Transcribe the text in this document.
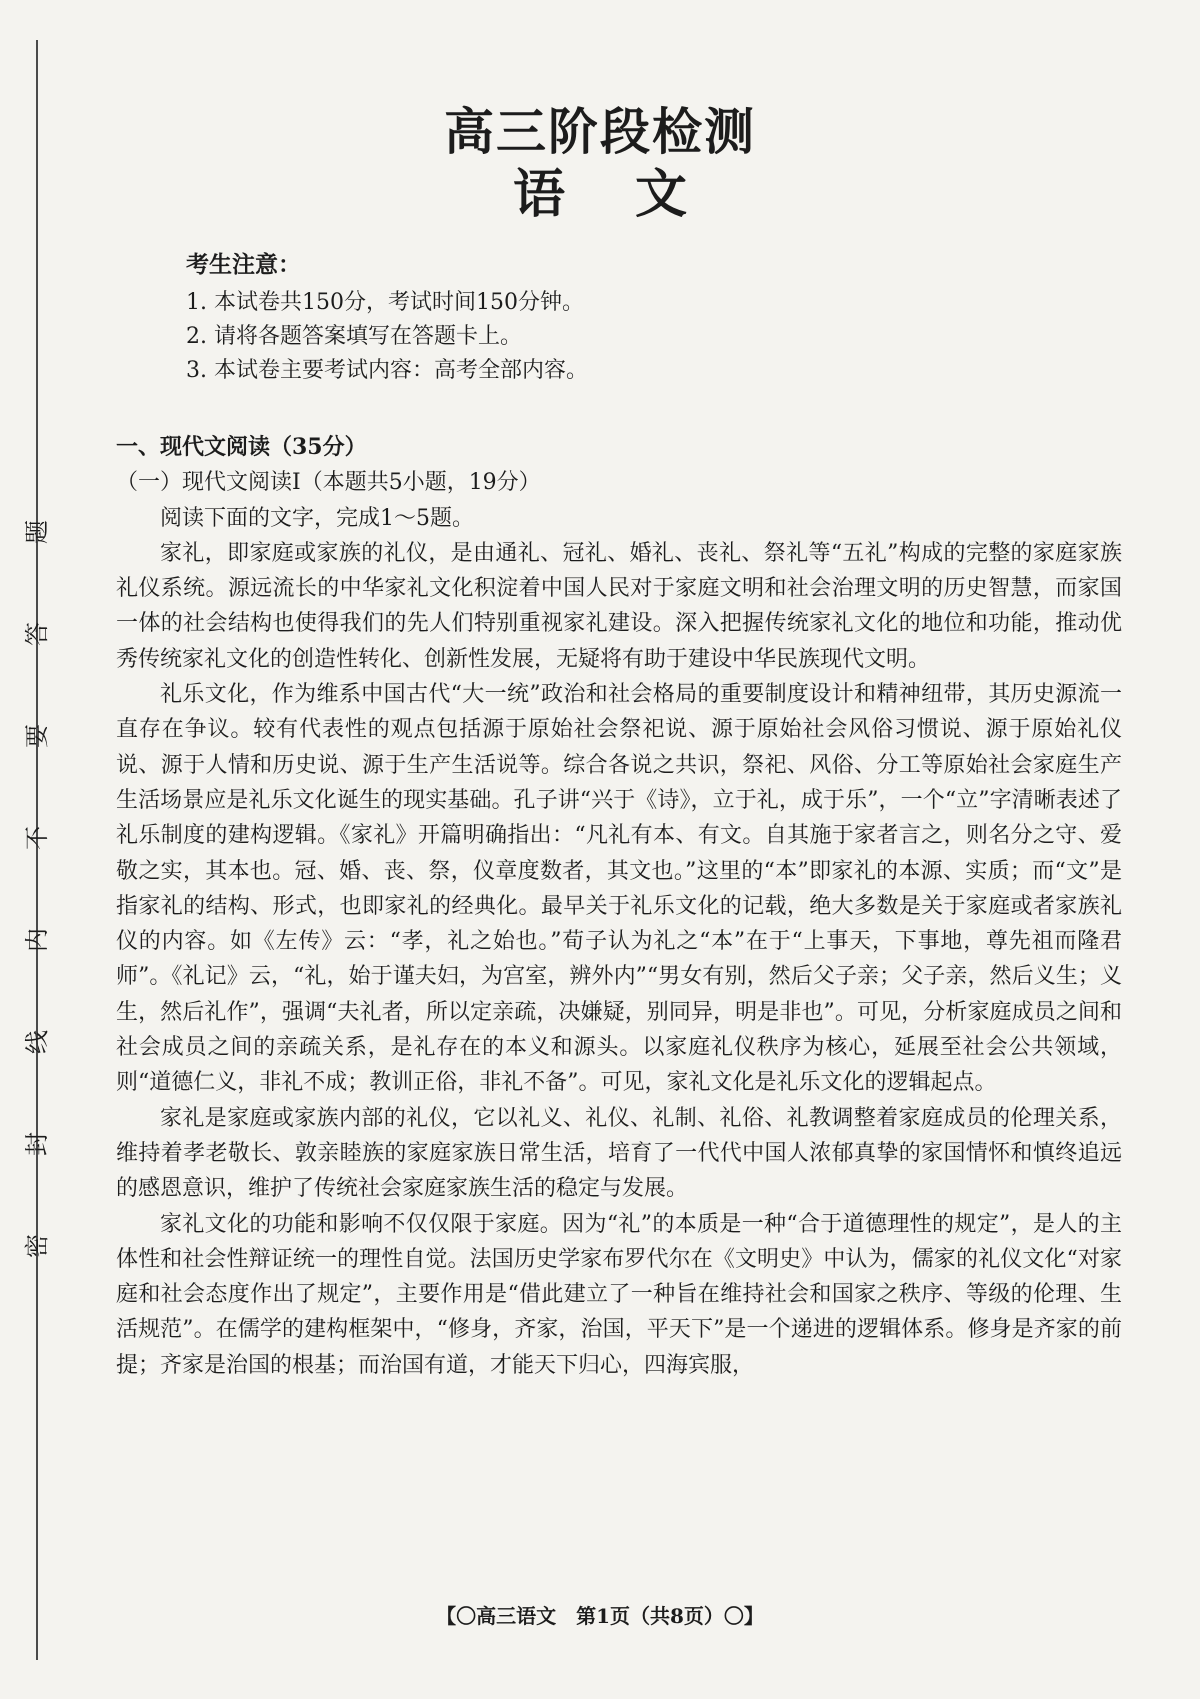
题
答
要
不
内
线
封
密
高三阶段检测
语文
考生注意：
1. 本试卷共150分，考试时间150分钟。
2. 请将各题答案填写在答题卡上。
3. 本试卷主要考试内容：高考全部内容。
一、现代文阅读（35分）
（一）现代文阅读Ⅰ（本题共5小题，19分）
阅读下面的文字，完成1～5题。

家礼，即家庭或家族的礼仪，是由通礼、冠礼、婚礼、丧礼、祭礼等“五礼”构成的完整的家庭家族礼仪系统。源远流长的中华家礼文化积淀着中国人民对于家庭文明和社会治理文明的历史智慧，而家国一体的社会结构也使得我们的先人们特别重视家礼建设。深入把握传统家礼文化的地位和功能，推动优秀传统家礼文化的创造性转化、创新性发展，无疑将有助于建设中华民族现代文明。

礼乐文化，作为维系中国古代“大一统”政治和社会格局的重要制度设计和精神纽带，其历史源流一直存在争议。较有代表性的观点包括源于原始社会祭祀说、源于原始社会风俗习惯说、源于原始礼仪说、源于人情和历史说、源于生产生活说等。综合各说之共识，祭祀、风俗、分工等原始社会家庭生产生活场景应是礼乐文化诞生的现实基础。孔子讲“兴于《诗》，立于礼，成于乐”，一个“立”字清晰表述了礼乐制度的建构逻辑。《家礼》开篇明确指出：“凡礼有本、有文。自其施于家者言之，则名分之守、爱敬之实，其本也。冠、婚、丧、祭，仪章度数者，其文也。”这里的“本”即家礼的本源、实质；而“文”是指家礼的结构、形式，也即家礼的经典化。最早关于礼乐文化的记载，绝大多数是关于家庭或者家族礼仪的内容。如《左传》云：“孝，礼之始也。”荀子认为礼之“本”在于“上事天，下事地，尊先祖而隆君师”。《礼记》云，“礼，始于谨夫妇，为宫室，辨外内”“男女有别，然后父子亲；父子亲，然后义生；义生，然后礼作”，强调“夫礼者，所以定亲疏，决嫌疑，别同异，明是非也”。可见，分析家庭成员之间和社会成员之间的亲疏关系，是礼存在的本义和源头。以家庭礼仪秩序为核心，延展至社会公共领域，则“道德仁义，非礼不成；教训正俗，非礼不备”。可见，家礼文化是礼乐文化的逻辑起点。

家礼是家庭或家族内部的礼仪，它以礼义、礼仪、礼制、礼俗、礼教调整着家庭成员的伦理关系，维持着孝老敬长、敦亲睦族的家庭家族日常生活，培育了一代代中国人浓郁真挚的家国情怀和慎终追远的感恩意识，维护了传统社会家庭家族生活的稳定与发展。

家礼文化的功能和影响不仅仅限于家庭。因为“礼”的本质是一种“合于道德理性的规定”，是人的主体性和社会性辩证统一的理性自觉。法国历史学家布罗代尔在《文明史》中认为，儒家的礼仪文化“对家庭和社会态度作出了规定”，主要作用是“借此建立了一种旨在维持社会和国家之秩序、等级的伦理、生活规范”。在儒学的建构框架中，“修身，齐家，治国，平天下”是一个递进的逻辑体系。修身是齐家的前提；齐家是治国的根基；而治国有道，才能天下归心，四海宾服，

【〇高三语文　第1页（共8页）〇】
